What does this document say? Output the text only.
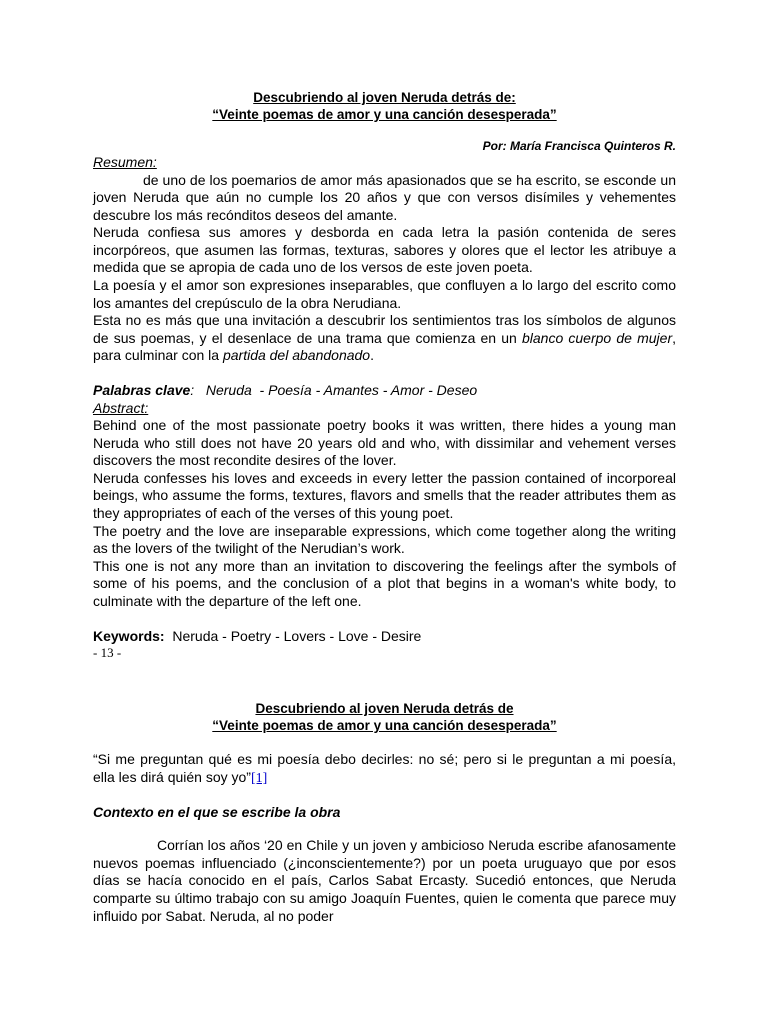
Descubriendo al joven Neruda detrás de:

“Veinte poemas de amor y una canción desesperada”

Por: María Francisca Quinteros R.

Resumen:

de uno de los poemarios de amor más apasionados que se ha escrito, se esconde un joven Neruda que aún no cumple los 20 años y que con versos disímiles y vehementes descubre los más recónditos deseos del amante.

Neruda confiesa sus amores y desborda en cada letra la pasión contenida de seres incorpóreos, que asumen las formas, texturas, sabores y olores que el lector les atribuye a medida que se apropia de cada uno de los versos de este joven poeta.

La poesía y el amor son expresiones inseparables, que confluyen a lo largo del escrito como los amantes del crepúsculo de la obra Nerudiana.

Esta no es más que una invitación a descubrir los sentimientos tras los símbolos de algunos de sus poemas, y el desenlace de una trama que comienza en un blanco cuerpo de mujer, para culminar con la partida del abandonado.

Palabras clave:   Neruda  - Poesía - Amantes - Amor - Deseo

Abstract:

Behind one of the most passionate poetry books it was written, there hides a young man Neruda who still does not have 20 years old and who, with dissimilar and vehement verses discovers the most recondite desires of the lover.

Neruda confesses his loves and exceeds in every letter the passion contained of incorporeal beings, who assume the forms, textures, flavors and smells that the reader attributes them as they appropriates of each of the verses of this young poet.

The poetry and the love are inseparable expressions, which come together along the writing as the lovers of the twilight of the Nerudian’s work.

This one is not any more than an invitation to discovering the feelings after the symbols of some of his poems, and the conclusion of a plot that begins in a woman's white body, to culminate with the departure of the left one.

Keywords:  Neruda - Poetry - Lovers - Love - Desire

- 13 -

Descubriendo al joven Neruda detrás de

“Veinte poemas de amor y una canción desesperada”

“Si me preguntan qué es mi poesía debo decirles: no sé; pero si le preguntan a mi poesía, ella les dirá quién soy yo”[1]

Contexto en el que se escribe la obra

Corrían los años ‘20 en Chile y un joven y ambicioso Neruda escribe afanosamente nuevos poemas influenciado (¿inconscientemente?) por un poeta uruguayo que por esos días se hacía conocido en el país, Carlos Sabat Ercasty. Sucedió entonces, que Neruda comparte su último trabajo con su amigo Joaquín Fuentes, quien le comenta que parece muy influido por Sabat. Neruda, al no poder
